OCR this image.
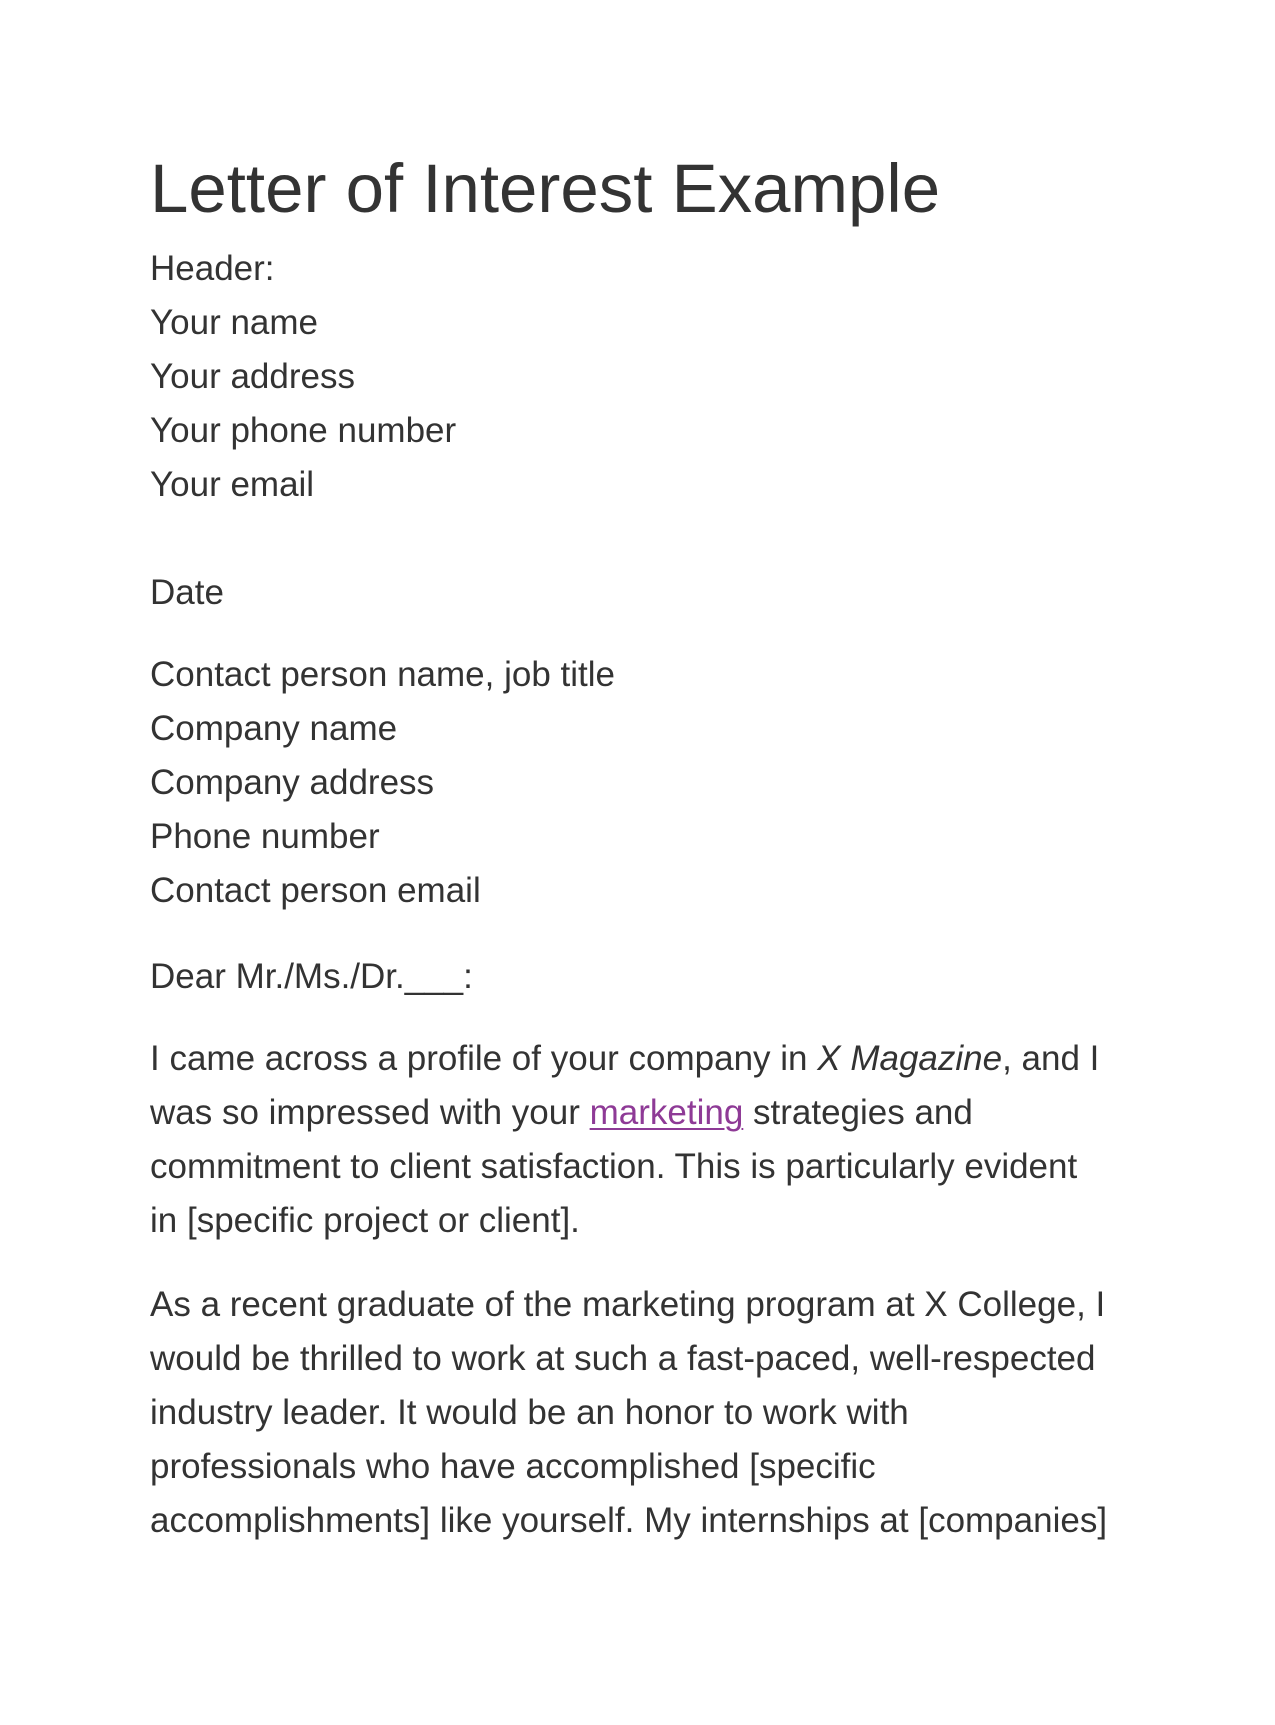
Letter of Interest Example
Header:
Your name
Your address
Your phone number
Your email
Date
Contact person name, job title
Company name
Company address
Phone number
Contact person email
Dear Mr./Ms./Dr.___:
I came across a profile of your company in X Magazine, and I
was so impressed with your marketing strategies and
commitment to client satisfaction. This is particularly evident
in [specific project or client].
As a recent graduate of the marketing program at X College, I
would be thrilled to work at such a fast-paced, well-respected
industry leader. It would be an honor to work with
professionals who have accomplished [specific
accomplishments] like yourself. My internships at [companies]
